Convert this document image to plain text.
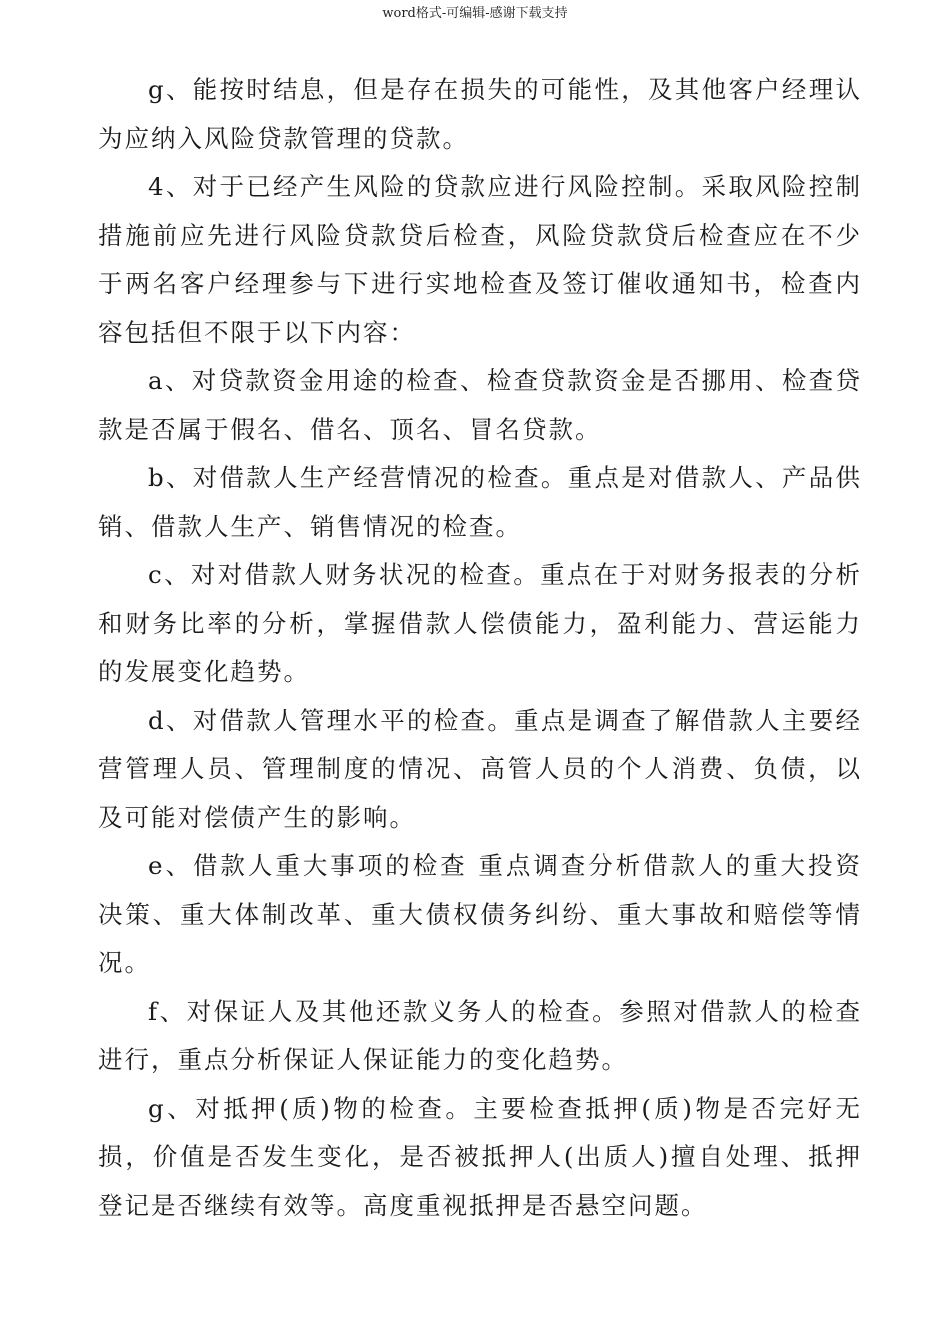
word格式-可编辑-感谢下载支持

g、能按时结息，但是存在损失的可能性，及其他客户经理认为应纳入风险贷款管理的贷款。

4、对于已经产生风险的贷款应进行风险控制。采取风险控制措施前应先进行风险贷款贷后检查，风险贷款贷后检查应在不少于两名客户经理参与下进行实地检查及签订催收通知书，检查内容包括但不限于以下内容：

a、对贷款资金用途的检查、检查贷款资金是否挪用、检查贷款是否属于假名、借名、顶名、冒名贷款。

b、对借款人生产经营情况的检查。重点是对借款人、产品供销、借款人生产、销售情况的检查。

c、对对借款人财务状况的检查。重点在于对财务报表的分析和财务比率的分析，掌握借款人偿债能力，盈利能力、营运能力的发展变化趋势。

d、对借款人管理水平的检查。重点是调查了解借款人主要经营管理人员、管理制度的情况、高管人员的个人消费、负债，以及可能对偿债产生的影响。

e、借款人重大事项的检查 重点调查分析借款人的重大投资决策、重大体制改革、重大债权债务纠纷、重大事故和赔偿等情况。

f、对保证人及其他还款义务人的检查。参照对借款人的检查进行，重点分析保证人保证能力的变化趋势。

g、对抵押(质)物的检查。主要检查抵押(质)物是否完好无损，价值是否发生变化，是否被抵押人(出质人)擅自处理、抵押登记是否继续有效等。高度重视抵押是否悬空问题。
